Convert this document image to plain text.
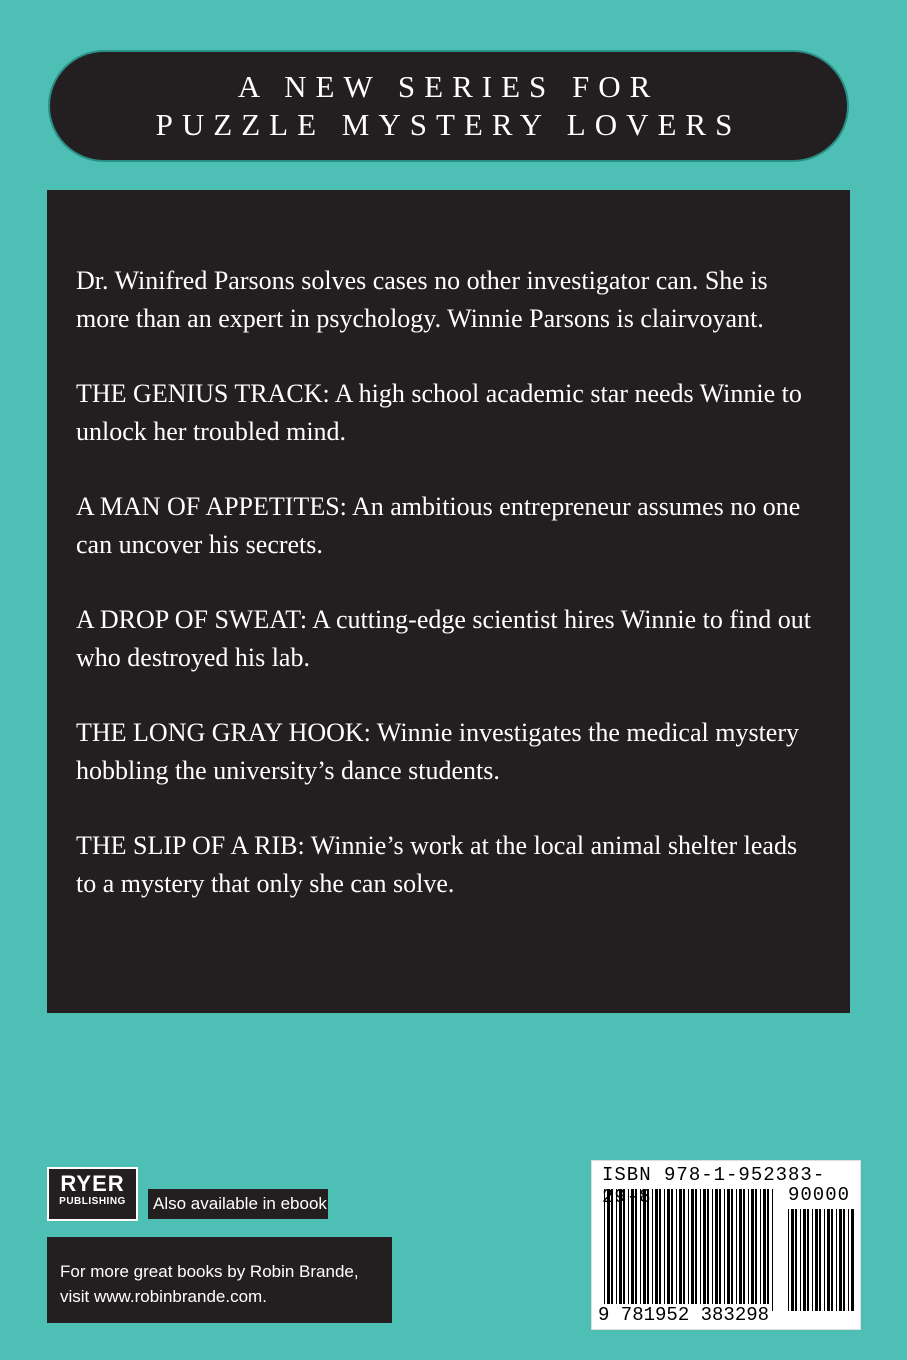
A NEW SERIES FOR
PUZZLE MYSTERY LOVERS

Dr. Winifred Parsons solves cases no other investigator can. She is more than an expert in psychology. Winnie Parsons is clairvoyant.

THE GENIUS TRACK: A high school academic star needs Winnie to unlock her troubled mind.

A MAN OF APPETITES: An ambitious entrepreneur assumes no one can uncover his secrets.

A DROP OF SWEAT: A cutting-edge scientist hires Winnie to find out who destroyed his lab.

THE LONG GRAY HOOK: Winnie investigates the medical mystery hobbling the university’s dance students.

THE SLIP OF A RIB: Winnie’s work at the local animal shelter leads to a mystery that only she can solve.

RYER
PUBLISHING	Also available in ebook
For more great books by Robin Brande,
visit www.robinbrande.com.
ISBN 978-1-952383-29-8	90000
9 781952 383298
